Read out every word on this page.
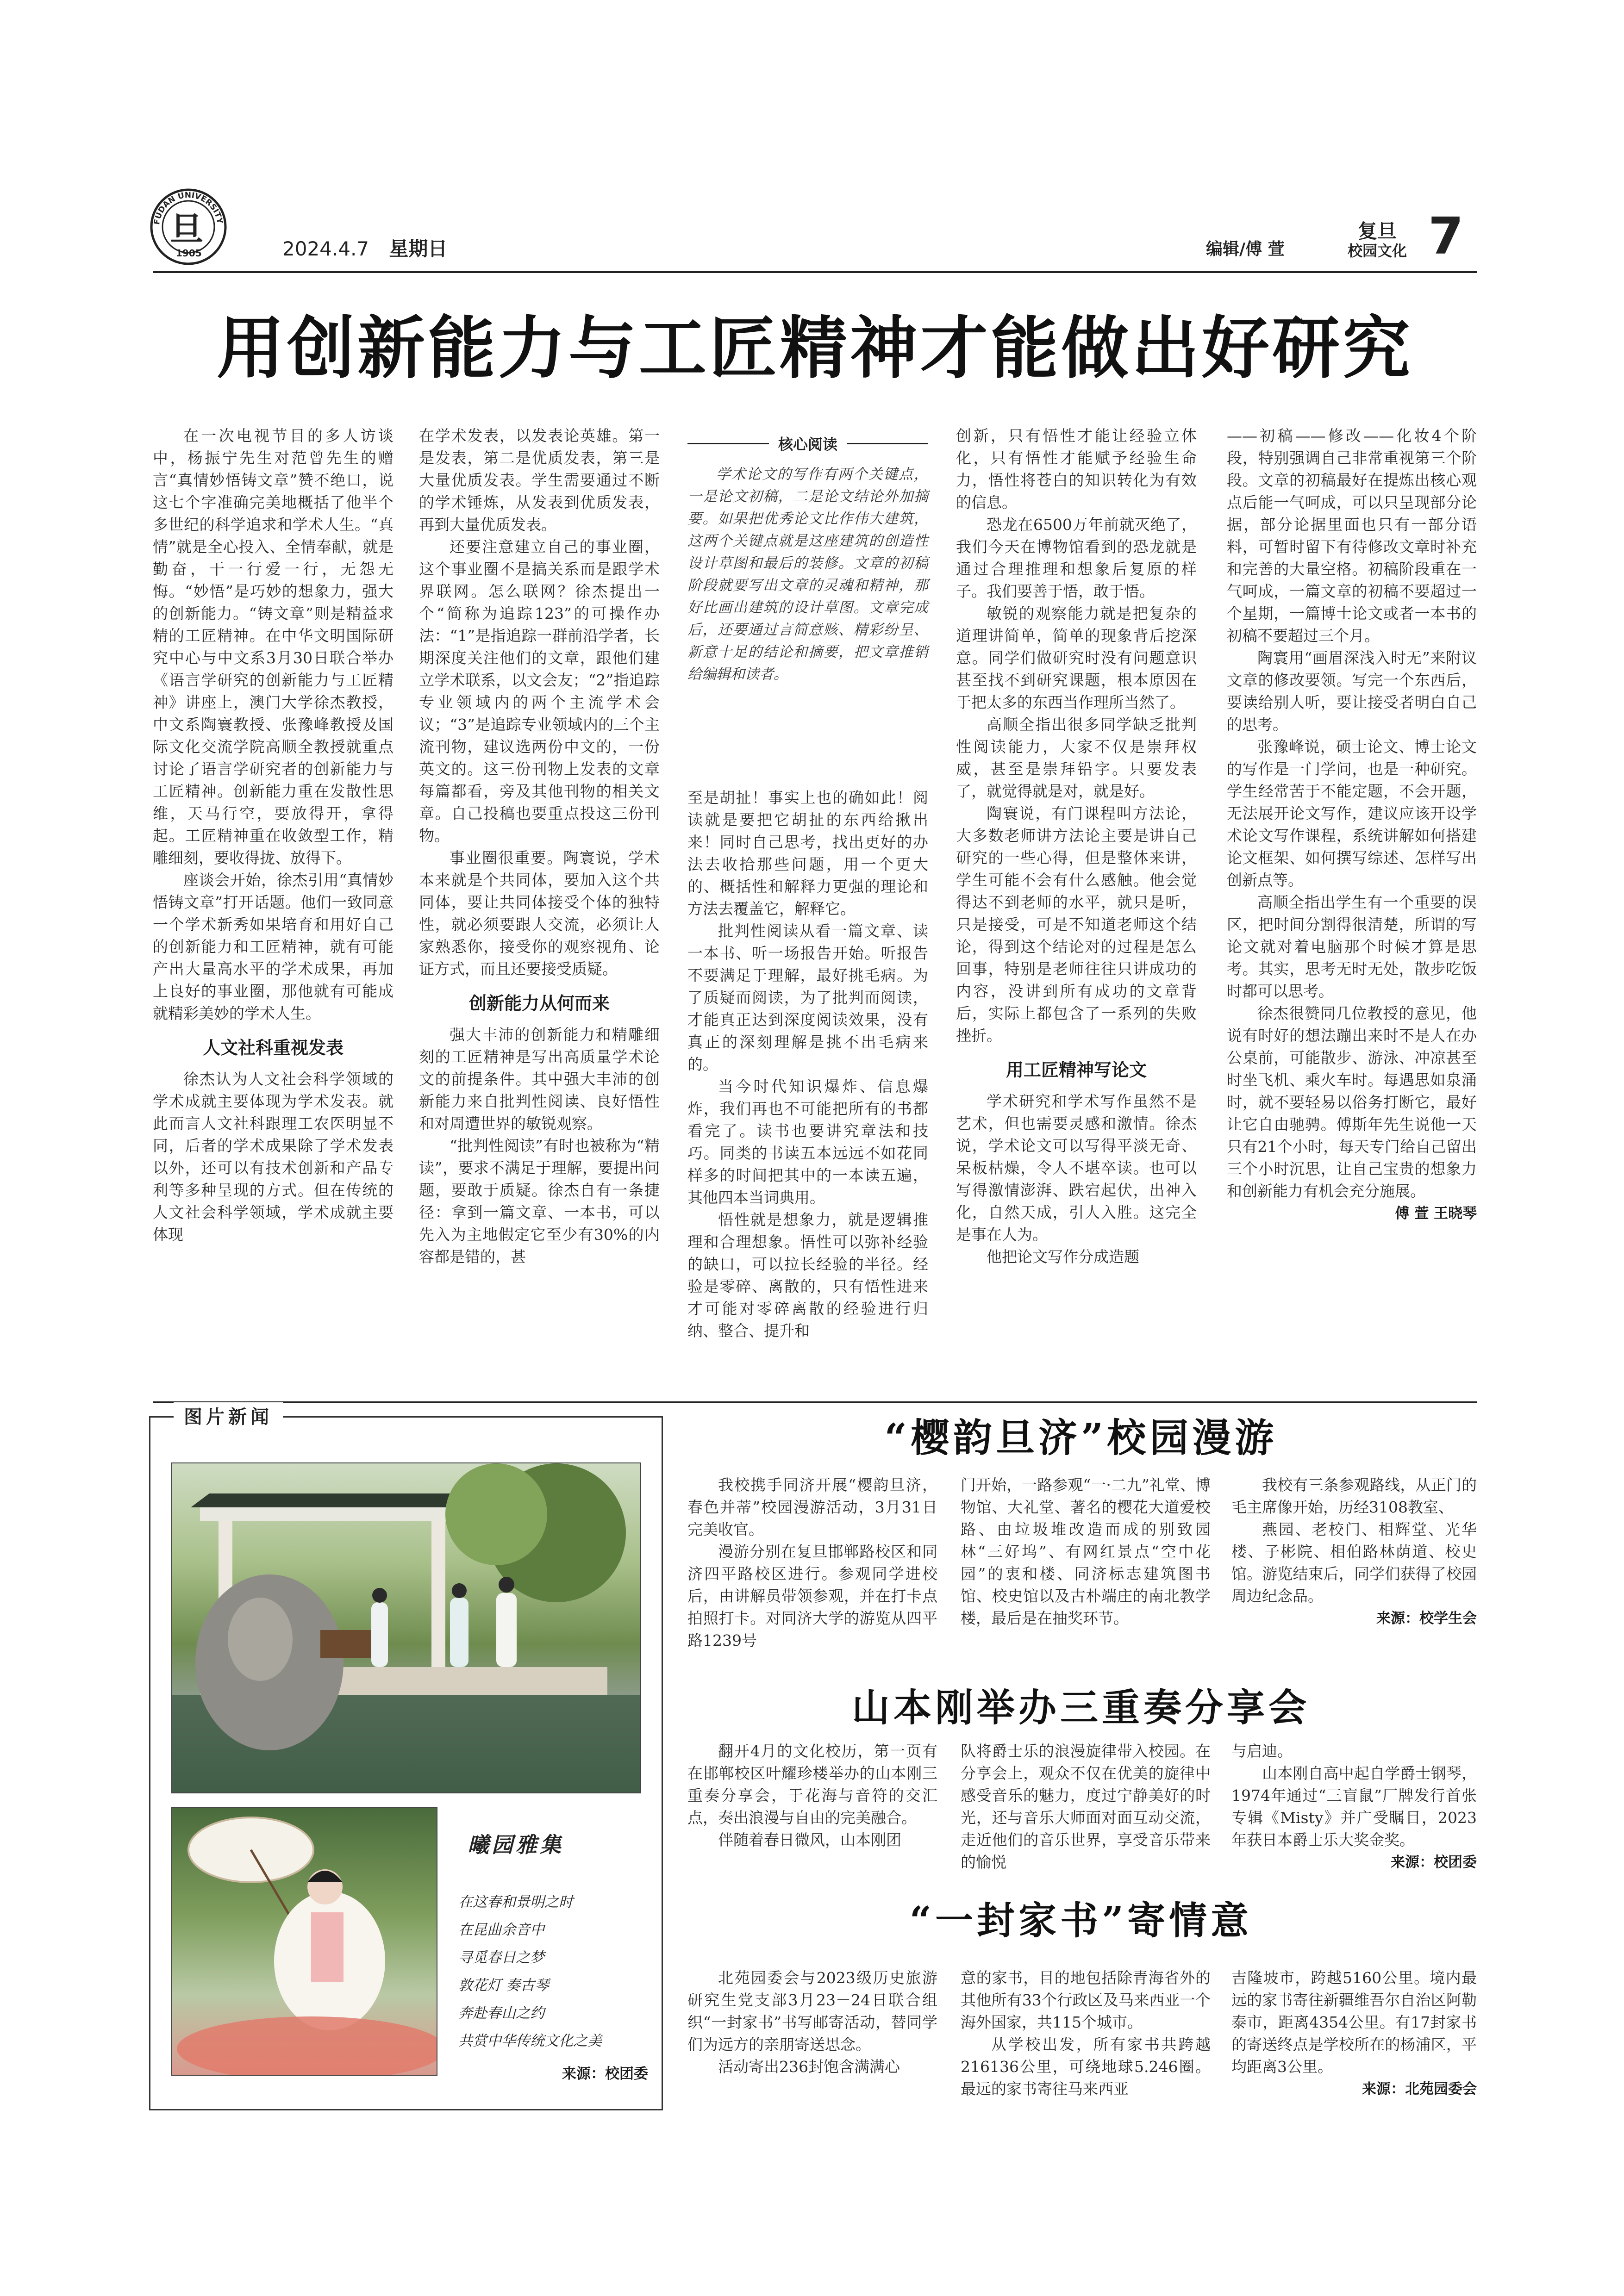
FUDAN UNIVERSITY
旦
1905	2024.4.7 星期日	编辑/傅 萱
复旦
校园文化 7
用创新能力与工匠精神才能做出好研究

在一次电视节目的多人访谈中，杨振宁先生对范曾先生的赠言“真情妙悟铸文章”赞不绝口，说这七个字准确完美地概括了他半个多世纪的科学追求和学术人生。“真情”就是全心投入、全情奉献，就是勤奋，干一行爱一行，无怨无悔。“妙悟”是巧妙的想象力，强大的创新能力。“铸文章”则是精益求精的工匠精神。在中华文明国际研究中心与中文系3月30日联合举办《语言学研究的创新能力与工匠精神》讲座上，澳门大学徐杰教授，中文系陶寰教授、张豫峰教授及国际文化交流学院高顺全教授就重点讨论了语言学研究者的创新能力与工匠精神。创新能力重在发散性思维，天马行空，要放得开，拿得起。工匠精神重在收敛型工作，精雕细刻，要收得拢、放得下。

座谈会开始，徐杰引用“真情妙悟铸文章”打开话题。他们一致同意一个学术新秀如果培育和用好自己的创新能力和工匠精神，就有可能产出大量高水平的学术成果，再加上良好的事业圈，那他就有可能成就精彩美妙的学术人生。

人文社科重视发表

徐杰认为人文社会科学领域的学术成就主要体现为学术发表。就此而言人文社科跟理工农医明显不同，后者的学术成果除了学术发表以外，还可以有技术创新和产品专利等多种呈现的方式。但在传统的人文社会科学领域，学术成就主要体现

在学术发表，以发表论英雄。第一是发表，第二是优质发表，第三是大量优质发表。学生需要通过不断的学术锤炼，从发表到优质发表，再到大量优质发表。

还要注意建立自己的事业圈，这个事业圈不是搞关系而是跟学术界联网。怎么联网？徐杰提出一个“简称为追踪123”的可操作办法：“1”是指追踪一群前沿学者，长期深度关注他们的文章，跟他们建立学术联系，以文会友；“2”指追踪专业领域内的两个主流学术会议；“3”是追踪专业领域内的三个主流刊物，建议选两份中文的，一份英文的。这三份刊物上发表的文章每篇都看，旁及其他刊物的相关文章。自己投稿也要重点投这三份刊物。

事业圈很重要。陶寰说，学术本来就是个共同体，要加入这个共同体，要让共同体接受个体的独特性，就必须要跟人交流，必须让人家熟悉你，接受你的观察视角、论证方式，而且还要接受质疑。

创新能力从何而来

强大丰沛的创新能力和精雕细刻的工匠精神是写出高质量学术论文的前提条件。其中强大丰沛的创新能力来自批判性阅读、良好悟性和对周遭世界的敏锐观察。

“批判性阅读”有时也被称为“精读”，要求不满足于理解，要提出问题，要敢于质疑。徐杰自有一条捷径：拿到一篇文章、一本书，可以先入为主地假定它至少有30%的内容都是错的，甚

核心阅读

学术论文的写作有两个关键点，一是论文初稿，二是论文结论外加摘要。如果把优秀论文比作伟大建筑，这两个关键点就是这座建筑的创造性设计草图和最后的装修。文章的初稿阶段就要写出文章的灵魂和精神，那好比画出建筑的设计草图。文章完成后，还要通过言简意赅、精彩纷呈、新意十足的结论和摘要，把文章推销给编辑和读者。

至是胡扯！事实上也的确如此！阅读就是要把它胡扯的东西给揪出来！同时自己思考，找出更好的办法去收拾那些问题，用一个更大的、概括性和解释力更强的理论和方法去覆盖它，解释它。

批判性阅读从看一篇文章、读一本书、听一场报告开始。听报告不要满足于理解，最好挑毛病。为了质疑而阅读，为了批判而阅读，才能真正达到深度阅读效果，没有真正的深刻理解是挑不出毛病来的。

当今时代知识爆炸、信息爆炸，我们再也不可能把所有的书都看完了。读书也要讲究章法和技巧。同类的书读五本远远不如花同样多的时间把其中的一本读五遍，其他四本当词典用。

悟性就是想象力，就是逻辑推理和合理想象。悟性可以弥补经验的缺口，可以拉长经验的半径。经验是零碎、离散的，只有悟性进来才可能对零碎离散的经验进行归纳、整合、提升和

创新，只有悟性才能让经验立体化，只有悟性才能赋予经验生命力，悟性将苍白的知识转化为有效的信息。

恐龙在6500万年前就灭绝了，我们今天在博物馆看到的恐龙就是通过合理推理和想象后复原的样子。我们要善于悟，敢于悟。

敏锐的观察能力就是把复杂的道理讲简单，简单的现象背后挖深意。同学们做研究时没有问题意识甚至找不到研究课题，根本原因在于把太多的东西当作理所当然了。

高顺全指出很多同学缺乏批判性阅读能力，大家不仅是崇拜权威，甚至是崇拜铅字。只要发表了，就觉得就是对，就是好。

陶寰说，有门课程叫方法论，大多数老师讲方法论主要是讲自己研究的一些心得，但是整体来讲，学生可能不会有什么感触。他会觉得达不到老师的水平，就只是听，只是接受，可是不知道老师这个结论，得到这个结论对的过程是怎么回事，特别是老师往往只讲成功的内容，没讲到所有成功的文章背后，实际上都包含了一系列的失败挫折。

用工匠精神写论文

学术研究和学术写作虽然不是艺术，但也需要灵感和激情。徐杰说，学术论文可以写得平淡无奇、呆板枯燥，令人不堪卒读。也可以写得激情澎湃、跌宕起伏，出神入化，自然天成，引人入胜。这完全是事在人为。

他把论文写作分成造题

——初稿——修改——化妆4个阶段，特别强调自己非常重视第三个阶段。文章的初稿最好在提炼出核心观点后能一气呵成，可以只呈现部分论据，部分论据里面也只有一部分语料，可暂时留下有待修改文章时补充和完善的大量空格。初稿阶段重在一气呵成，一篇文章的初稿不要超过一个星期，一篇博士论文或者一本书的初稿不要超过三个月。

陶寰用“画眉深浅入时无”来附议文章的修改要领。写完一个东西后，要读给别人听，要让接受者明白自己的思考。

张豫峰说，硕士论文、博士论文的写作是一门学问，也是一种研究。学生经常苦于不能定题，不会开题，无法展开论文写作，建议应该开设学术论文写作课程，系统讲解如何搭建论文框架、如何撰写综述、怎样写出创新点等。

高顺全指出学生有一个重要的误区，把时间分割得很清楚，所谓的写论文就对着电脑那个时候才算是思考。其实，思考无时无处，散步吃饭时都可以思考。

徐杰很赞同几位教授的意见，他说有时好的想法蹦出来时不是人在办公桌前，可能散步、游泳、冲凉甚至时坐飞机、乘火车时。每遇思如泉涌时，就不要轻易以俗务打断它，最好让它自由驰骋。傅斯年先生说他一天只有21个小时，每天专门给自己留出三个小时沉思，让自己宝贵的想象力和创新能力有机会充分施展。

傅 萱 王晓琴
图片新闻
曦园雅集
在这春和景明之时
在昆曲余音中
寻觅春日之梦
敦花灯 奏古琴
奔赴春山之约
共赏中华传统文化之美
来源：校团委
“樱韵旦济”校园漫游

我校携手同济开展“樱韵旦济，春色并蒂”校园漫游活动，3月31日完美收官。

漫游分别在复旦邯郸路校区和同济四平路校区进行。参观同学进校后，由讲解员带领参观，并在打卡点拍照打卡。对同济大学的游览从四平路1239号

门开始，一路参观“一·二九”礼堂、博物馆、大礼堂、著名的樱花大道爱校路、由垃圾堆改造而成的别致园林“三好坞”、有网红景点“空中花园”的衷和楼、同济标志建筑图书馆、校史馆以及古朴端庄的南北教学楼，最后是在抽奖环节。

我校有三条参观路线，从正门的毛主席像开始，历经3108教室、

燕园、老校门、相辉堂、光华楼、子彬院、相伯路林荫道、校史馆。游览结束后，同学们获得了校园周边纪念品。

来源：校学生会
山本刚举办三重奏分享会

翻开4月的文化校历，第一页有在邯郸校区叶耀珍楼举办的山本刚三重奏分享会，于花海与音符的交汇点，奏出浪漫与自由的完美融合。

伴随着春日微风，山本刚团

队将爵士乐的浪漫旋律带入校园。在分享会上，观众不仅在优美的旋律中感受音乐的魅力，度过宁静美好的时光，还与音乐大师面对面互动交流，走近他们的音乐世界，享受音乐带来的愉悦

与启迪。

山本刚自高中起自学爵士钢琴，1974年通过“三盲鼠”厂牌发行首张专辑《Misty》并广受瞩目，2023年获日本爵士乐大奖金奖。

来源：校团委
“一封家书”寄情意

北苑园委会与2023级历史旅游研究生党支部3月23－24日联合组织“一封家书”书写邮寄活动，替同学们为远方的亲朋寄送思念。

活动寄出236封饱含满满心

意的家书，目的地包括除青海省外的其他所有33个行政区及马来西亚一个海外国家，共115个城市。

从学校出发，所有家书共跨越216136公里，可绕地球5.246圈。最远的家书寄往马来西亚

吉隆坡市，跨越5160公里。境内最远的家书寄往新疆维吾尔自治区阿勒泰市，距离4354公里。有17封家书的寄送终点是学校所在的杨浦区，平均距离3公里。

来源：北苑园委会
